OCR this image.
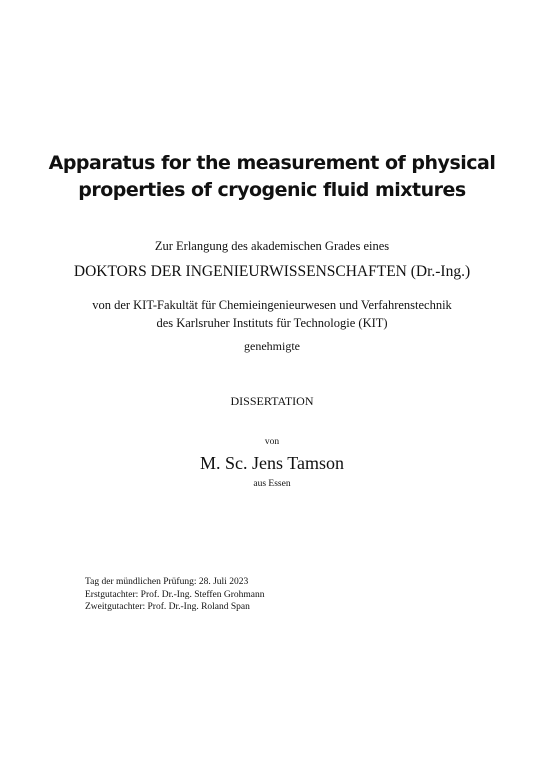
Apparatus for the measurement of physical
properties of cryogenic fluid mixtures
Zur Erlangung des akademischen Grades eines
DOKTORS DER INGENIEURWISSENSCHAFTEN (Dr.-Ing.)
von der KIT-Fakultät für Chemieingenieurwesen und Verfahrenstechnik
des Karlsruher Instituts für Technologie (KIT)
genehmigte
DISSERTATION
von
M. Sc. Jens Tamson
aus Essen
Tag der mündlichen Prüfung: 28. Juli 2023
Erstgutachter: Prof. Dr.-Ing. Steffen Grohmann
Zweitgutachter: Prof. Dr.-Ing. Roland Span
